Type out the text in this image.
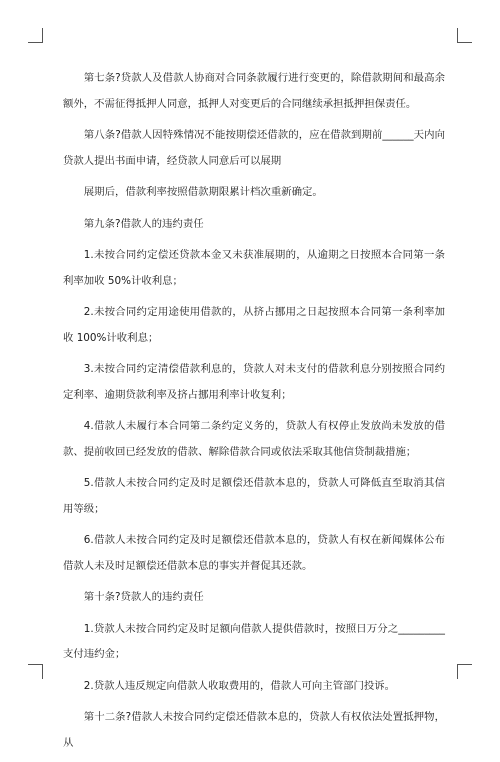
第七条?贷款人及借款人协商对合同条款履行进行变更的，除借款期间和最高余额外，不需征得抵押人同意，抵押人对变更后的合同继续承担抵押担保责任。

第八条?借款人因特殊情况不能按期偿还借款的，应在借款到期前______天内向贷款人提出书面申请，经贷款人同意后可以展期

展期后，借款利率按照借款期限累计档次重新确定。

第九条?借款人的违约责任

1.未按合同约定偿还贷款本金又未获准展期的，从逾期之日按照本合同第一条利率加收 50%计收利息；

2.未按合同约定用途使用借款的，从挤占挪用之日起按照本合同第一条利率加收 100%计收利息；

3.未按合同约定清偿借款利息的，贷款人对未支付的借款利息分别按照合同约定利率、逾期贷款利率及挤占挪用利率计收复利；

4.借款人未履行本合同第二条约定义务的，贷款人有权停止发放尚未发放的借款、提前收回已经发放的借款、解除借款合同或依法采取其他信贷制裁措施；

5.借款人未按合同约定及时足额偿还借款本息的，贷款人可降低直至取消其信用等级；

6.借款人未按合同约定及时足额偿还借款本息的，贷款人有权在新闻媒体公布借款人未及时足额偿还借款本息的事实并督促其还款。

第十条?贷款人的违约责任

1.贷款人未按合同约定及时足额向借款人提供借款时，按照日万分之_________支付违约金；

2.贷款人违反规定向借款人收取费用的，借款人可向主管部门投诉。

第十二条?借款人未按合同约定偿还借款本息的，贷款人有权依法处置抵押物，从
